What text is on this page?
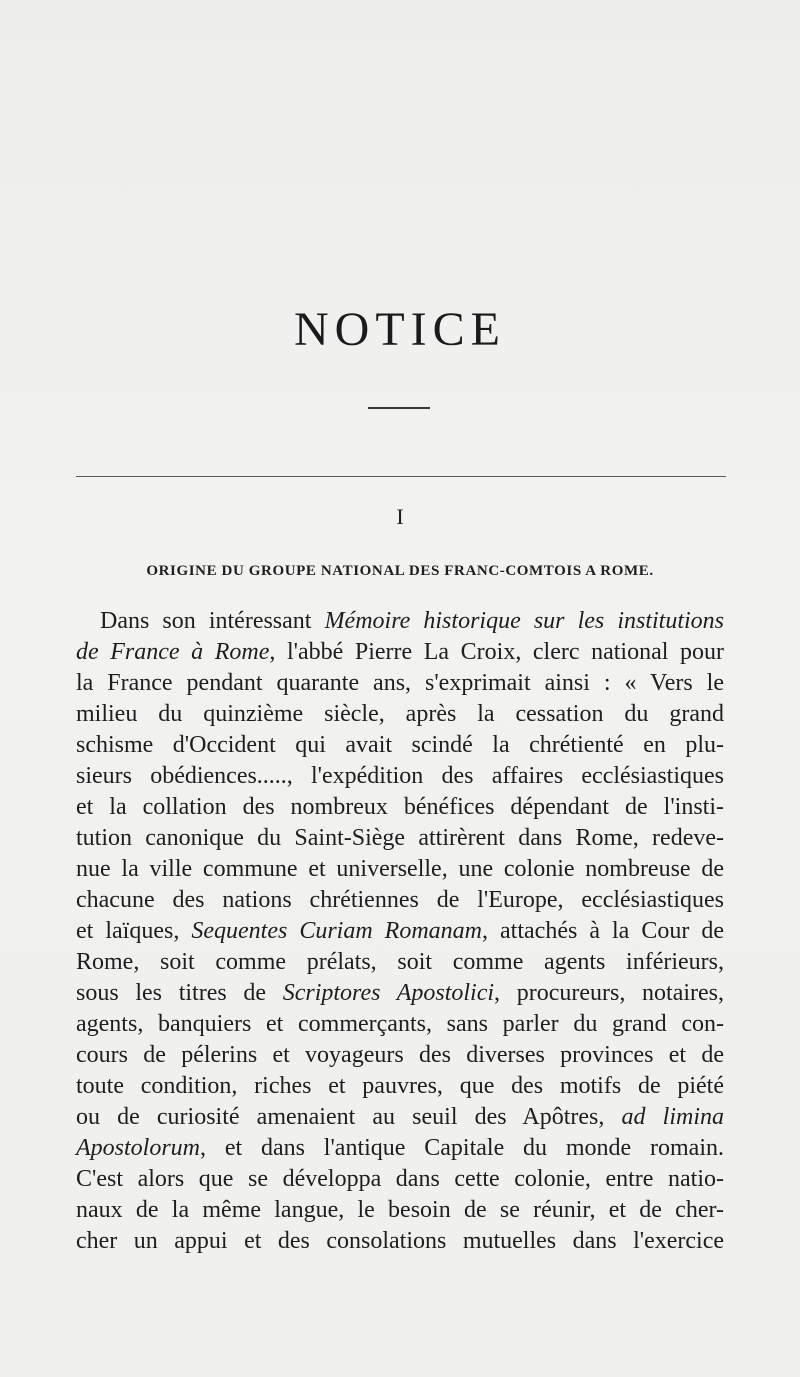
NOTICE
I
ORIGINE DU GROUPE NATIONAL DES FRANC-COMTOIS A ROME.
Dans son intéressant Mémoire historique sur les institutions
de France à Rome, l'abbé Pierre La Croix, clerc national pour
la France pendant quarante ans, s'exprimait ainsi : « Vers le
milieu du quinzième siècle, après la cessation du grand
schisme d'Occident qui avait scindé la chrétienté en plu-
sieurs obédiences....., l'expédition des affaires ecclésiastiques
et la collation des nombreux bénéfices dépendant de l'insti-
tution canonique du Saint-Siège attirèrent dans Rome, redeve-
nue la ville commune et universelle, une colonie nombreuse de
chacune des nations chrétiennes de l'Europe, ecclésiastiques
et laïques, Sequentes Curiam Romanam, attachés à la Cour de
Rome, soit comme prélats, soit comme agents inférieurs,
sous les titres de Scriptores Apostolici, procureurs, notaires,
agents, banquiers et commerçants, sans parler du grand con-
cours de pélerins et voyageurs des diverses provinces et de
toute condition, riches et pauvres, que des motifs de piété
ou de curiosité amenaient au seuil des Apôtres, ad limina
Apostolorum, et dans l'antique Capitale du monde romain.
C'est alors que se développa dans cette colonie, entre natio-
naux de la même langue, le besoin de se réunir, et de cher-
cher un appui et des consolations mutuelles dans l'exercice
